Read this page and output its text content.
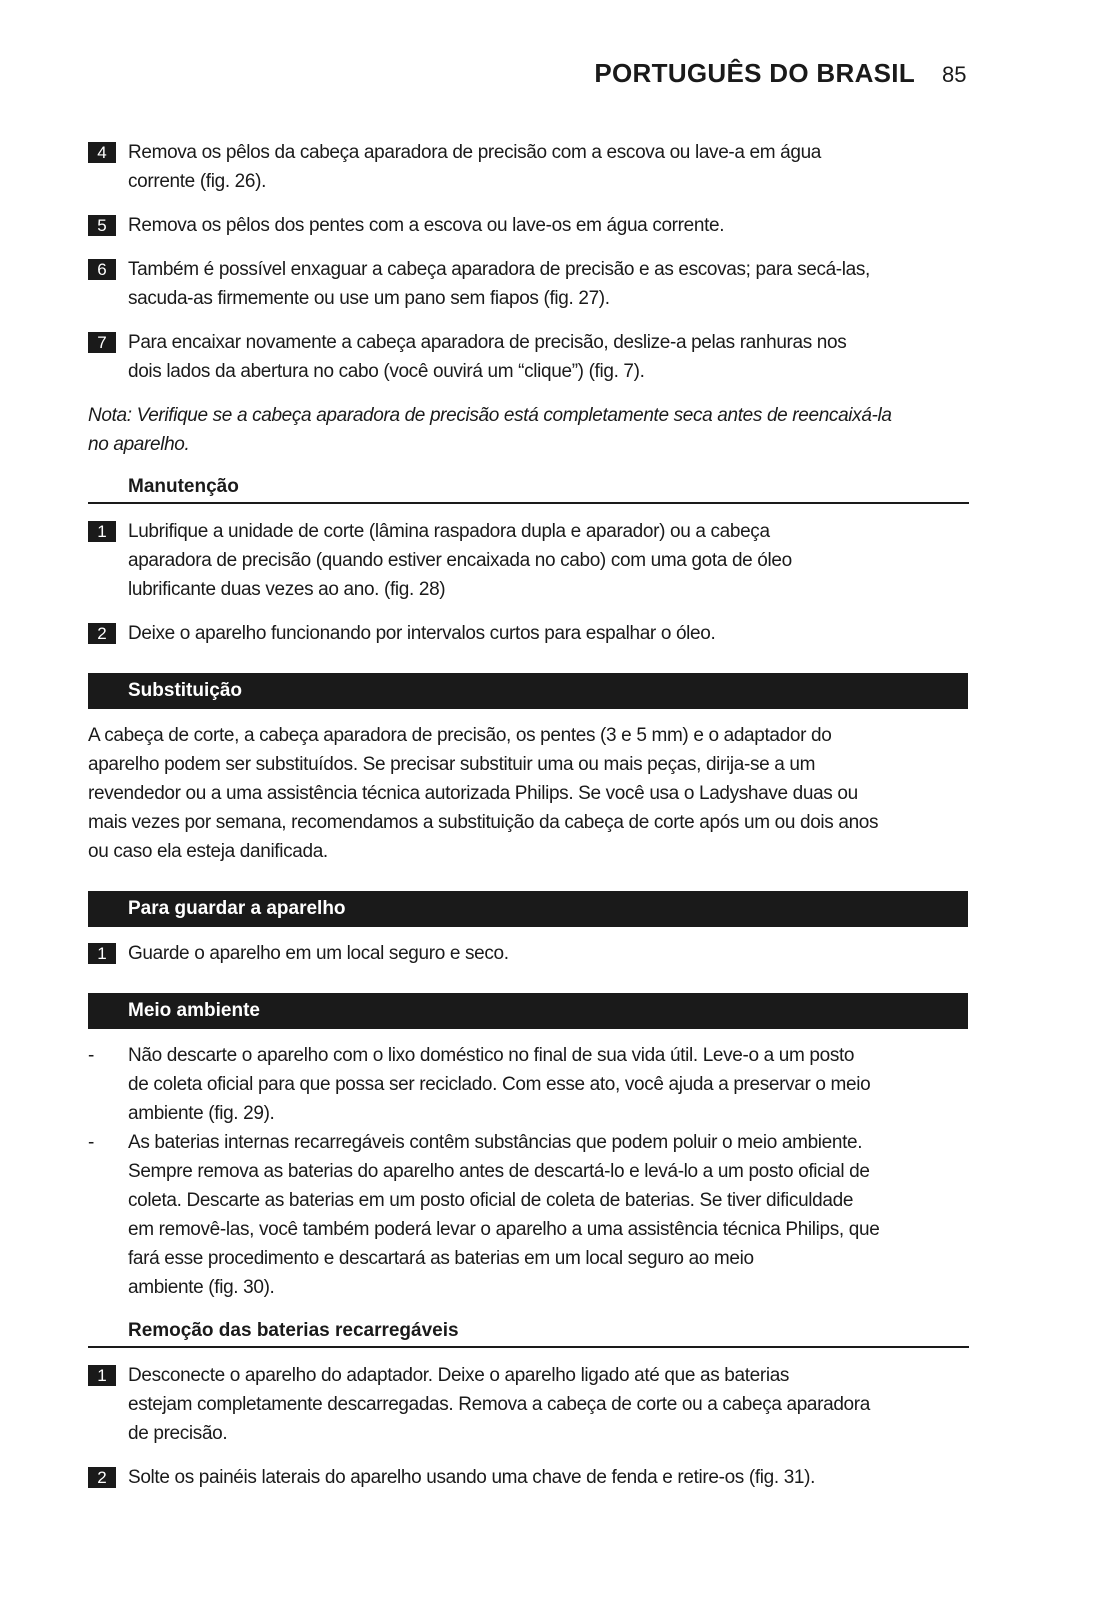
PORTUGUÊS DO BRASIL 85
4	Remova os pêlos da cabeça aparadora de precisão com a escova ou lave-a em água
corrente (fig. 26).
5	Remova os pêlos dos pentes com a escova ou lave-os em água corrente.
6	Também é possível enxaguar a cabeça aparadora de precisão e as escovas; para secá-las,
sacuda-as firmemente ou use um pano sem fiapos (fig. 27).
7	Para encaixar novamente a cabeça aparadora de precisão, deslize-a pelas ranhuras nos
dois lados da abertura no cabo (você ouvirá um “clique”) (fig. 7).
Nota: Verifique se a cabeça aparadora de precisão está completamente seca antes de reencaixá-la
no aparelho.
Manutenção
1	Lubrifique a unidade de corte (lâmina raspadora dupla e aparador) ou a cabeça
aparadora de precisão (quando estiver encaixada no cabo) com uma gota de óleo
lubrificante duas vezes ao ano. (fig. 28)
2	Deixe o aparelho funcionando por intervalos curtos para espalhar o óleo.
Substituição
A cabeça de corte, a cabeça aparadora de precisão, os pentes (3 e 5 mm) e o adaptador do
aparelho podem ser substituídos. Se precisar substituir uma ou mais peças, dirija-se a um
revendedor ou a uma assistência técnica autorizada Philips. Se você usa o Ladyshave duas ou
mais vezes por semana, recomendamos a substituição da cabeça de corte após um ou dois anos
ou caso ela esteja danificada.
Para guardar a aparelho
1	Guarde o aparelho em um local seguro e seco.
Meio ambiente
-	Não descarte o aparelho com o lixo doméstico no final de sua vida útil. Leve-o a um posto
de coleta oficial para que possa ser reciclado. Com esse ato, você ajuda a preservar o meio
ambiente (fig. 29).
-	As baterias internas recarregáveis contêm substâncias que podem poluir o meio ambiente.
Sempre remova as baterias do aparelho antes de descartá-lo e levá-lo a um posto oficial de
coleta. Descarte as baterias em um posto oficial de coleta de baterias. Se tiver dificuldade
em removê-las, você também poderá levar o aparelho a uma assistência técnica Philips, que
fará esse procedimento e descartará as baterias em um local seguro ao meio
ambiente (fig. 30).
Remoção das baterias recarregáveis
1	Desconecte o aparelho do adaptador. Deixe o aparelho ligado até que as baterias
estejam completamente descarregadas. Remova a cabeça de corte ou a cabeça aparadora
de precisão.
2	Solte os painéis laterais do aparelho usando uma chave de fenda e retire-os (fig. 31).
